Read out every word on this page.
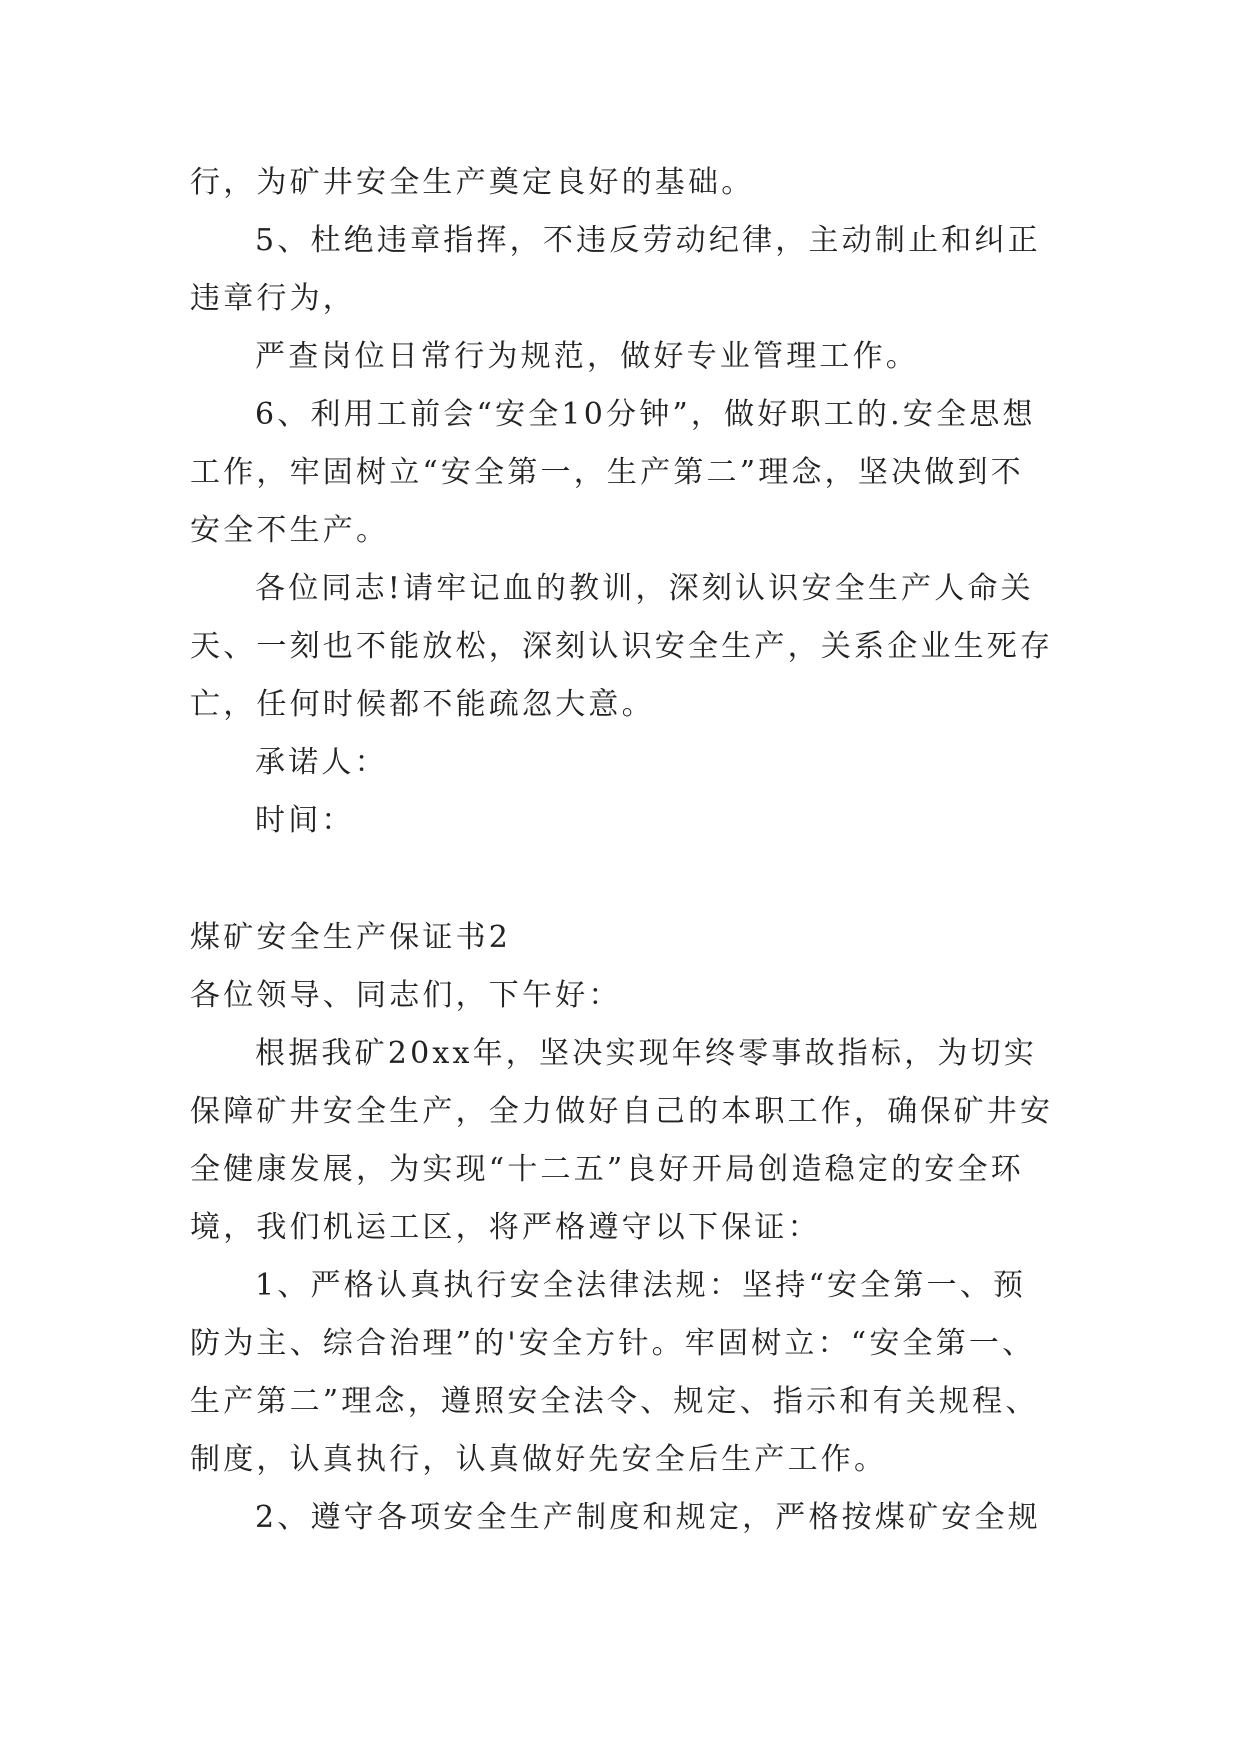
行，为矿井安全生产奠定良好的基础。
5、杜绝违章指挥，不违反劳动纪律，主动制止和纠正
违章行为，
严查岗位日常行为规范，做好专业管理工作。
6、利用工前会“安全10分钟”，做好职工的.安全思想
工作，牢固树立“安全第一，生产第二”理念，坚决做到不
安全不生产。
各位同志!请牢记血的教训，深刻认识安全生产人命关
天、一刻也不能放松，深刻认识安全生产，关系企业生死存
亡，任何时候都不能疏忽大意。
承诺人：
时间：
煤矿安全生产保证书2
各位领导、同志们，下午好：
根据我矿20xx年，坚决实现年终零事故指标，为切实
保障矿井安全生产，全力做好自己的本职工作，确保矿井安
全健康发展，为实现“十二五”良好开局创造稳定的安全环
境，我们机运工区，将严格遵守以下保证：
1、严格认真执行安全法律法规：坚持“安全第一、预
防为主、综合治理”的'安全方针。牢固树立：“安全第一、
生产第二”理念，遵照安全法令、规定、指示和有关规程、
制度，认真执行，认真做好先安全后生产工作。
2、遵守各项安全生产制度和规定，严格按煤矿安全规
